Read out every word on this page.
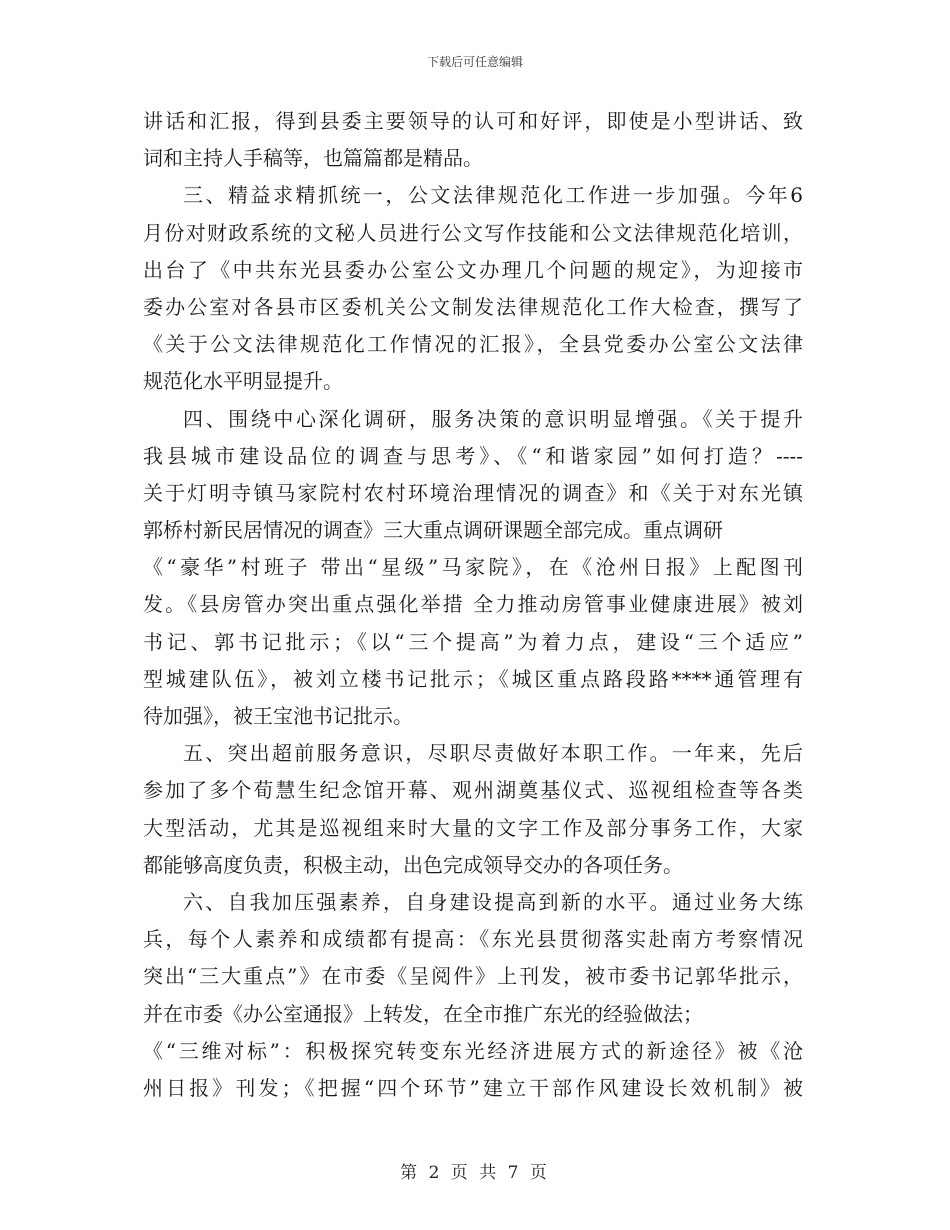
下载后可任意编辑
讲话和汇报，得到县委主要领导的认可和好评，即使是小型讲话、致
词和主持人手稿等，也篇篇都是精品。
三、精益求精抓统一，公文法律规范化工作进一步加强。今年6
月份对财政系统的文秘人员进行公文写作技能和公文法律规范化培训，
出台了《中共东光县委办公室公文办理几个问题的规定》，为迎接市
委办公室对各县市区委机关公文制发法律规范化工作大检查，撰写了
《关于公文法律规范化工作情况的汇报》，全县党委办公室公文法律
规范化水平明显提升。
四、围绕中心深化调研，服务决策的意识明显增强。《关于提升
我县城市建设品位的调查与思考》、《“和谐家园”如何打造？----
关于灯明寺镇马家院村农村环境治理情况的调查》和《关于对东光镇
郭桥村新民居情况的调查》三大重点调研课题全部完成。重点调研
《“豪华”村班子 带出“星级”马家院》，在《沧州日报》上配图刊
发。《县房管办突出重点强化举措 全力推动房管事业健康进展》被刘
书记、郭书记批示；《以“三个提高”为着力点，建设“三个适应”
型城建队伍》，被刘立楼书记批示；《城区重点路段路****通管理有
待加强》，被王宝池书记批示。
五、突出超前服务意识，尽职尽责做好本职工作。一年来，先后
参加了多个荀慧生纪念馆开幕、观州湖奠基仪式、巡视组检查等各类
大型活动，尤其是巡视组来时大量的文字工作及部分事务工作，大家
都能够高度负责，积极主动，出色完成领导交办的各项任务。
六、自我加压强素养，自身建设提高到新的水平。通过业务大练
兵，每个人素养和成绩都有提高：《东光县贯彻落实赴南方考察情况
突出“三大重点”》在市委《呈阅件》上刊发，被市委书记郭华批示，
并在市委《办公室通报》上转发，在全市推广东光的经验做法；
《“三维对标”：积极探究转变东光经济进展方式的新途径》被《沧
州日报》刊发；《把握“四个环节”建立干部作风建设长效机制》被
第 2 页 共 7 页
